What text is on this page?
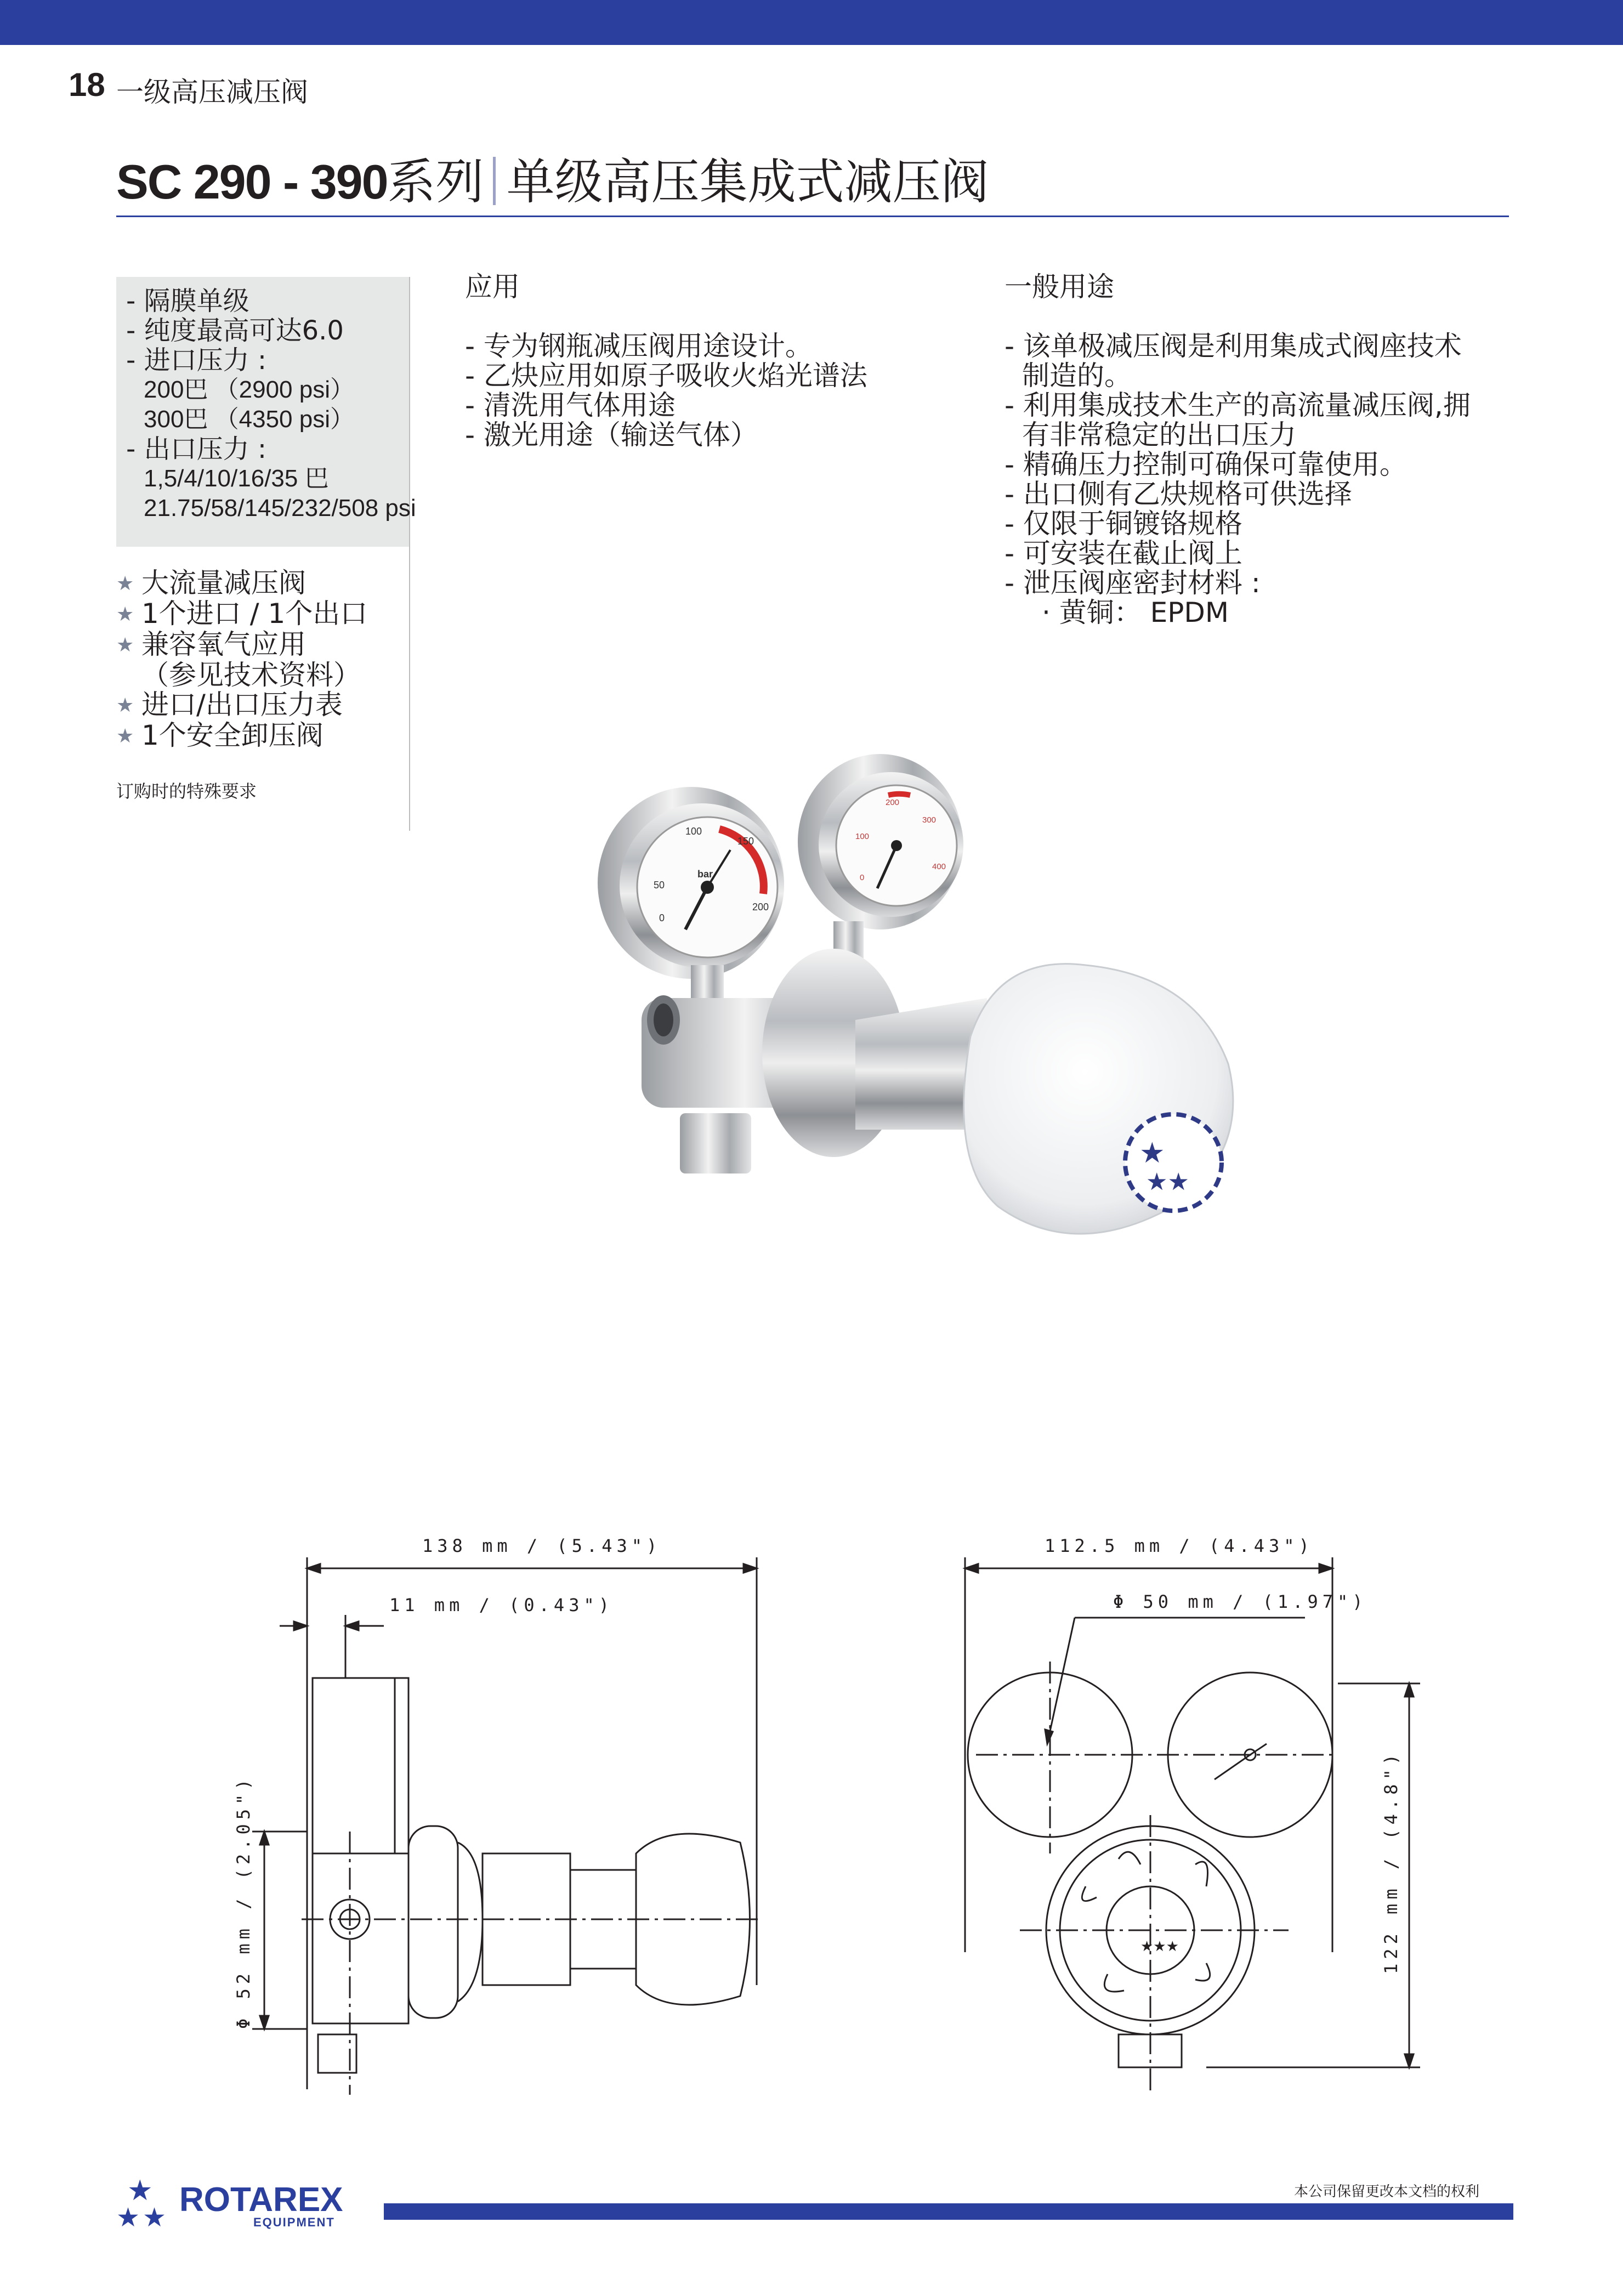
18 一级高压减压阀
SC 290 - 390系列 单级高压集成式减压阀
- 隔膜单级
- 纯度最高可达6.0
- 进口压力 :
200巴 （2900 psi）
300巴 （4350 psi）
- 出口压力 :
1,5/4/10/16/35 巴
21.75/58/145/232/508 psi
★ 大流量减压阀
★ 1个进口 / 1个出口
★ 兼容氧气应用
（参见技术资料）
★ 进口/出口压力表
★ 1个安全卸压阀
订购时的特殊要求
应用
- 专为钢瓶减压阀用途设计。
- 乙炔应用如原子吸收火焰光谱法
- 清洗用气体用途
- 激光用途（输送气体）
一般用途
- 该单极减压阀是利用集成式阀座技术
制造的。
- 利用集成技术生产的高流量减压阀,拥
有非常稳定的出口压力
- 精确压力控制可确保可靠使用。
- 出口侧有乙炔规格可供选择
- 仅限于铜镀铬规格
- 可安装在截止阀上
- 泄压阀座密封材料 :
· 黄铜： EPDM
0
50
100
150
200
bar	0
100
200
300
400
★
★★
★★★
138 mm / (5.43")
11 mm / (0.43")
Φ 52 mm / (2.05")
112.5 mm / (4.43")
Φ 50 mm / (1.97")
122 mm / (4.8")
★
★ ★ ROTAREX
EQUIPMENT
本公司保留更改本文档的权利
